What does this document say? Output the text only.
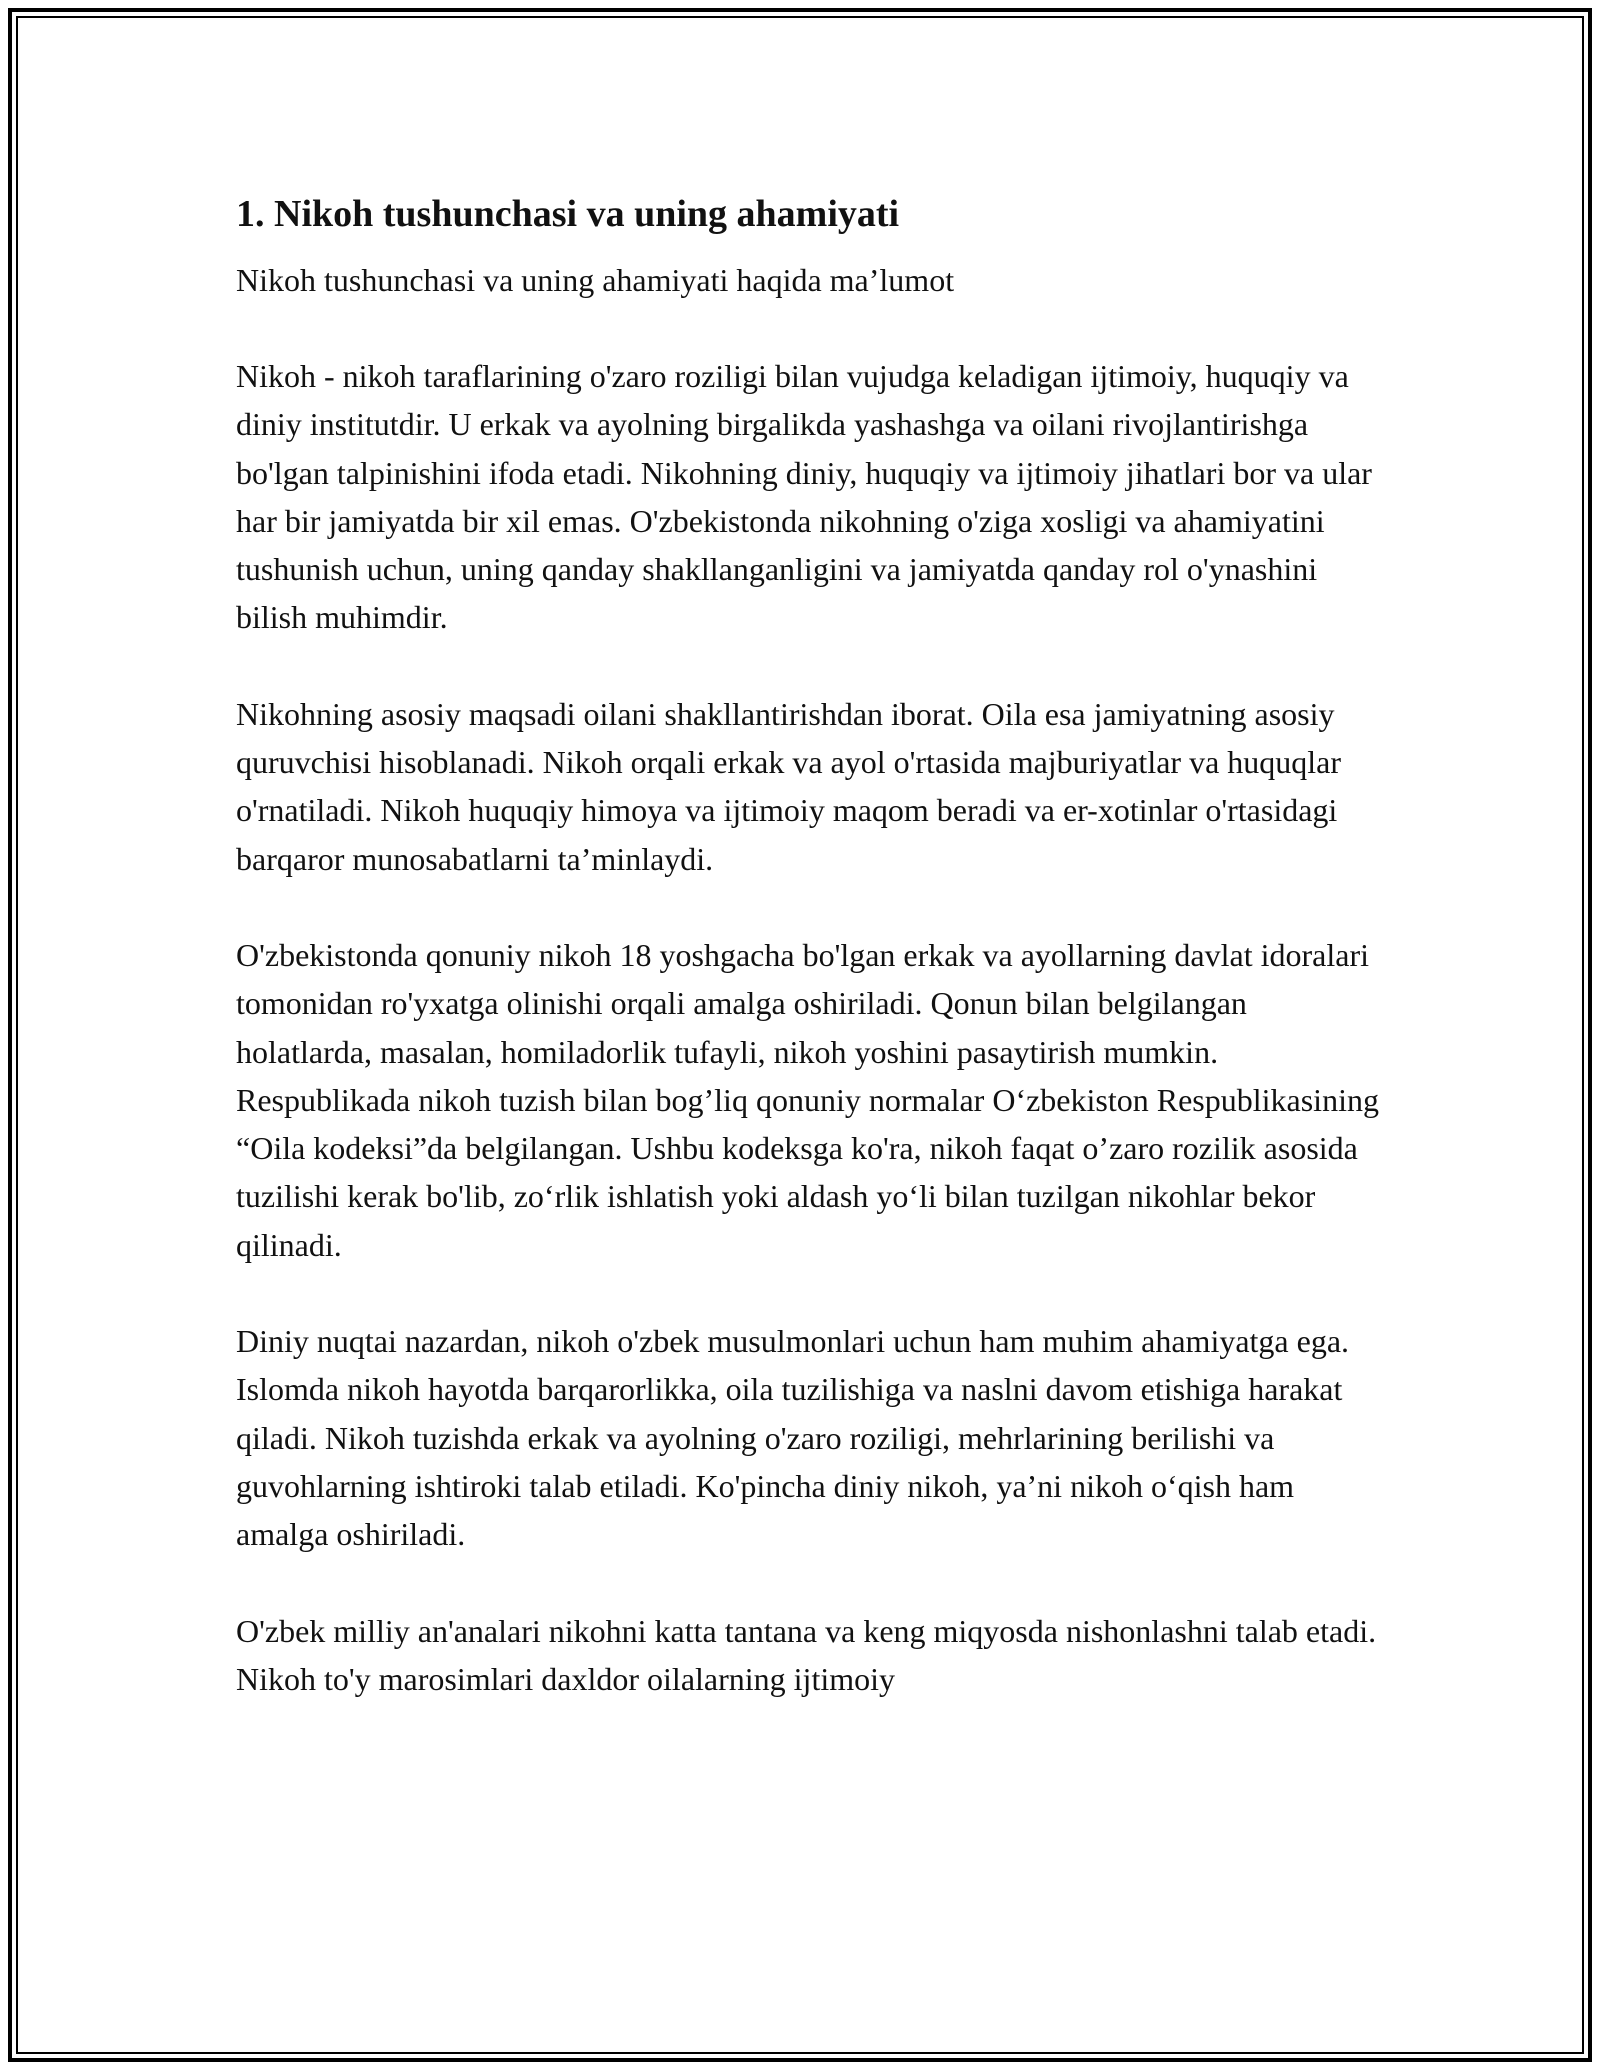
1. Nikoh tushunchasi va uning ahamiyati

Nikoh tushunchasi va uning ahamiyati haqida ma’lumot

Nikoh - nikoh taraflarining o'zaro roziligi bilan vujudga keladigan ijtimoiy, huquqiy va diniy institutdir. U erkak va ayolning birgalikda yashashga va oilani rivojlantirishga bo'lgan talpinishini ifoda etadi. Nikohning diniy, huquqiy va ijtimoiy jihatlari bor va ular har bir jamiyatda bir xil emas. O'zbekistonda nikohning o'ziga xosligi va ahamiyatini tushunish uchun, uning qanday shakllanganligini va jamiyatda qanday rol o'ynashini bilish muhimdir.

Nikohning asosiy maqsadi oilani shakllantirishdan iborat. Oila esa jamiyatning asosiy quruvchisi hisoblanadi. Nikoh orqali erkak va ayol o'rtasida majburiyatlar va huquqlar o'rnatiladi. Nikoh huquqiy himoya va ijtimoiy maqom beradi va er-xotinlar o'rtasidagi barqaror munosabatlarni ta’minlaydi.

O'zbekistonda qonuniy nikoh 18 yoshgacha bo'lgan erkak va ayollarning davlat idoralari tomonidan ro'yxatga olinishi orqali amalga oshiriladi. Qonun bilan belgilangan holatlarda, masalan, homiladorlik tufayli, nikoh yoshini pasaytirish mumkin. Respublikada nikoh tuzish bilan bog’liq qonuniy normalar O‘zbekiston Respublikasining “Oila kodeksi”da belgilangan. Ushbu kodeksga ko'ra, nikoh faqat o’zaro rozilik asosida tuzilishi kerak bo'lib, zo‘rlik ishlatish yoki aldash yo‘li bilan tuzilgan nikohlar bekor qilinadi.

Diniy nuqtai nazardan, nikoh o'zbek musulmonlari uchun ham muhim ahamiyatga ega. Islomda nikoh hayotda barqarorlikka, oila tuzilishiga va naslni davom etishiga harakat qiladi. Nikoh tuzishda erkak va ayolning o'zaro roziligi, mehrlarining berilishi va guvohlarning ishtiroki talab etiladi. Ko'pincha diniy nikoh, ya’ni nikoh o‘qish ham amalga oshiriladi.

O'zbek milliy an'analari nikohni katta tantana va keng miqyosda nishonlashni talab etadi. Nikoh to'y marosimlari daxldor oilalarning ijtimoiy
